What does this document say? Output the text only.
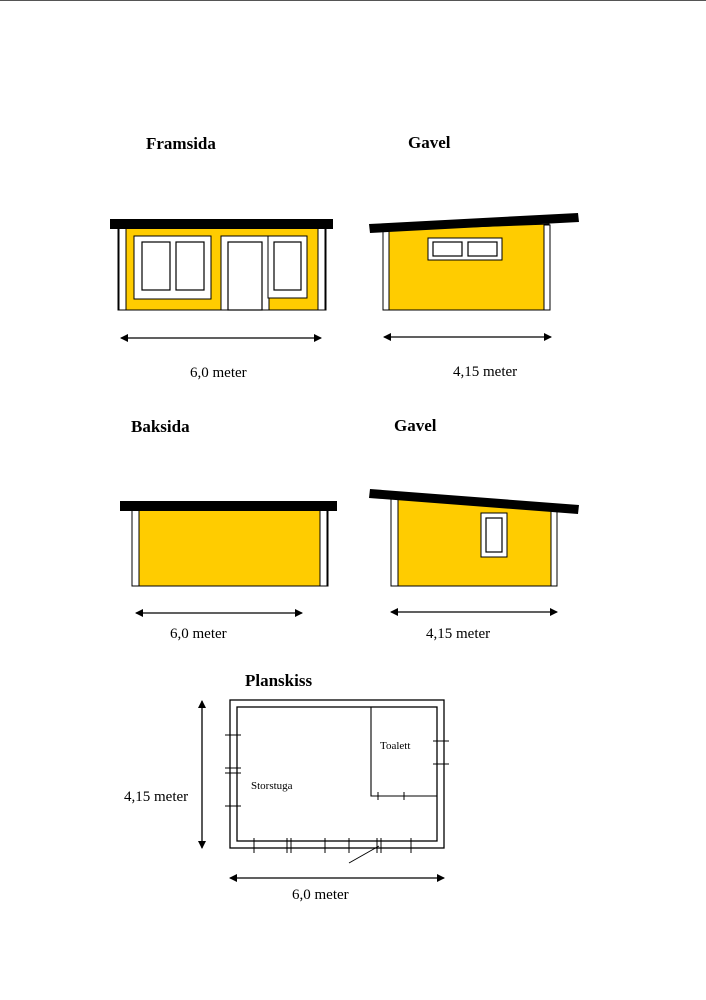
Framsida
6,0 meter
Gavel
4,15 meter
Baksida
6,0 meter
Gavel
4,15 meter
Planskiss
Toalett
Storstuga
4,15 meter
6,0 meter
